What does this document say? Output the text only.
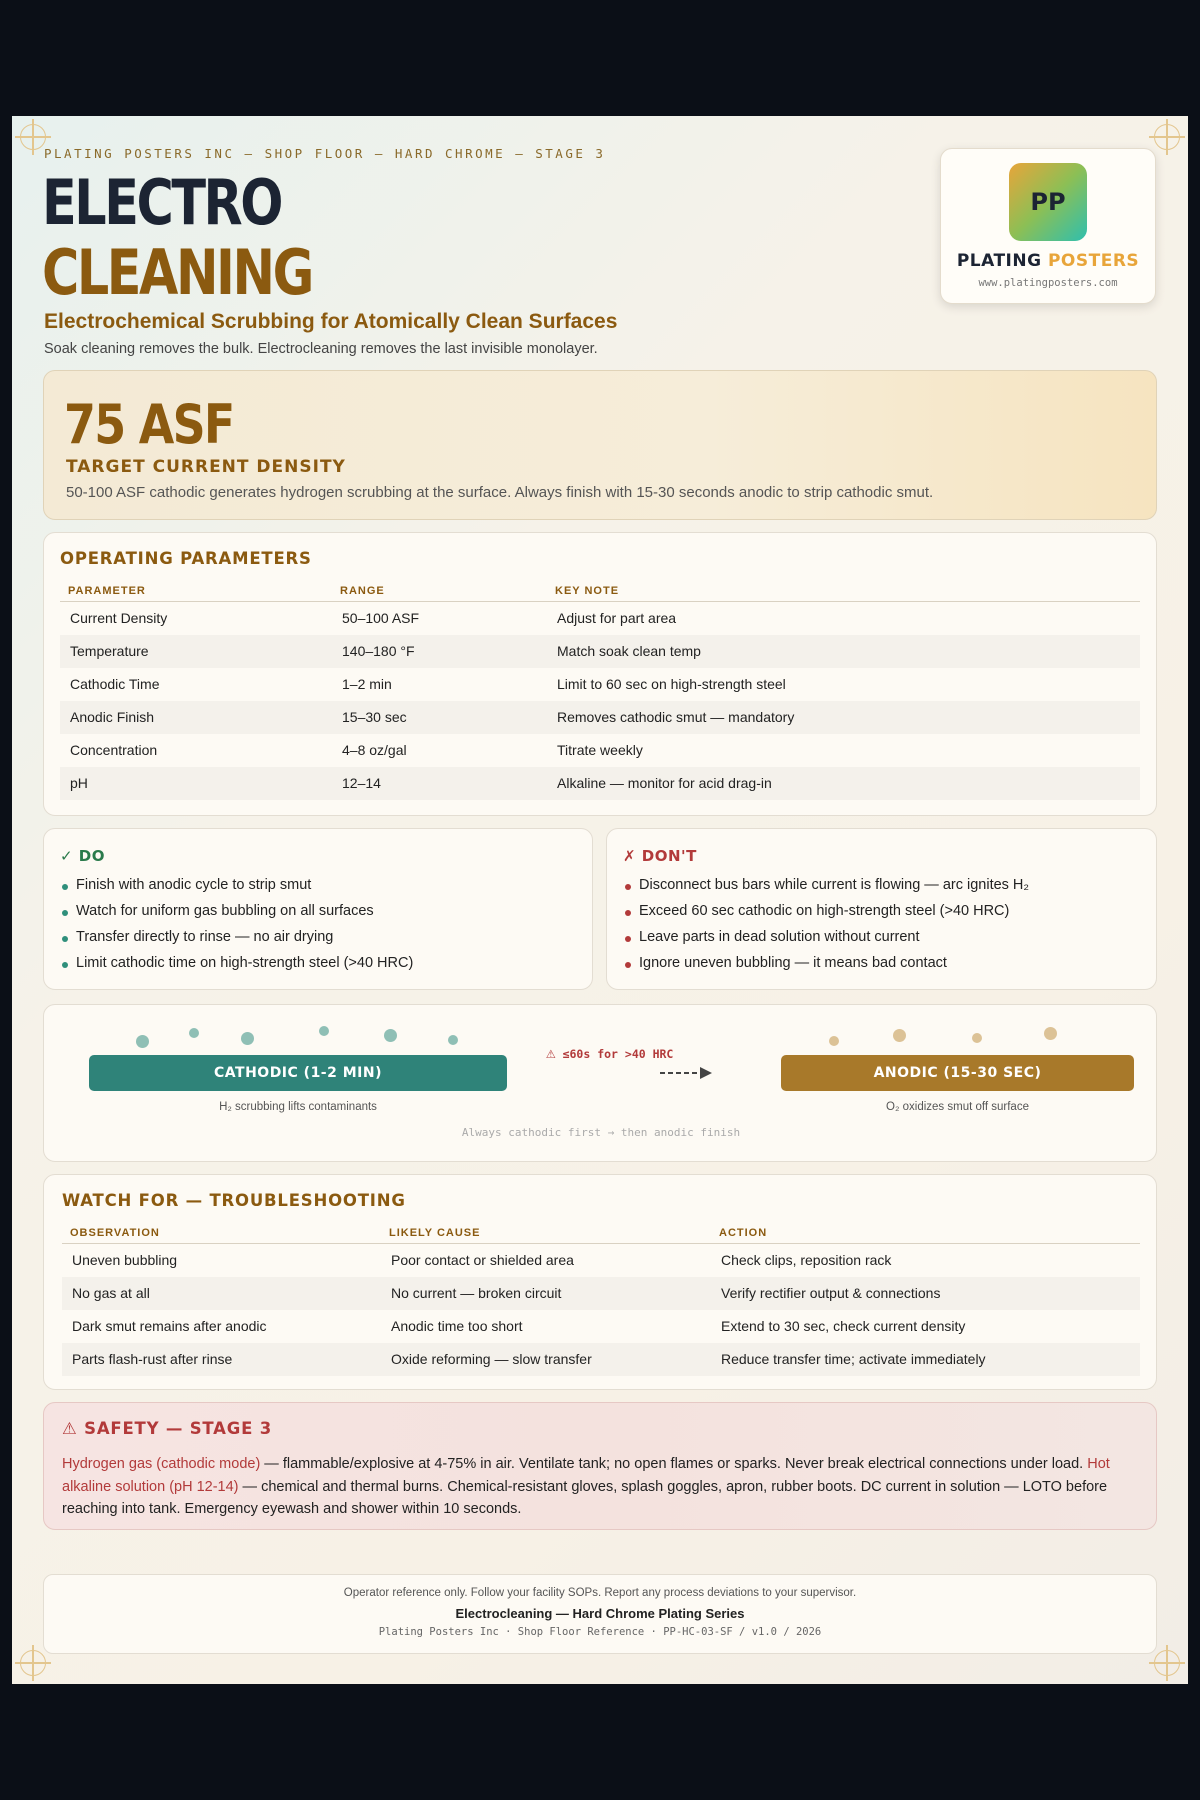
PLATING POSTERS INC — SHOP FLOOR — HARD CHROME — STAGE 3
ELECTRO
CLEANING
Electrochemical Scrubbing for Atomically Clean Surfaces
Soak cleaning removes the bulk. Electrocleaning removes the last invisible monolayer.
PP
PLATING POSTERS
www.platingposters.com
75 ASF
TARGET CURRENT DENSITY
50-100 ASF cathodic generates hydrogen scrubbing at the surface. Always finish with 15-30 seconds anodic to strip cathodic smut.
OPERATING PARAMETERS
PARAMETER	RANGE	KEY NOTE
Current Density	50–100 ASF	Adjust for part area
Temperature	140–180 °F	Match soak clean temp
Cathodic Time	1–2 min	Limit to 60 sec on high-strength steel
Anodic Finish	15–30 sec	Removes cathodic smut — mandatory
Concentration	4–8 oz/gal	Titrate weekly
pH	12–14	Alkaline — monitor for acid drag-in
✓ DO
Finish with anodic cycle to strip smut
Watch for uniform gas bubbling on all surfaces
Transfer directly to rinse — no air drying
Limit cathodic time on high-strength steel (>40 HRC)
✗ DON'T
Disconnect bus bars while current is flowing — arc ignites H₂
Exceed 60 sec cathodic on high-strength steel (>40 HRC)
Leave parts in dead solution without current
Ignore uneven bubbling — it means bad contact
CATHODIC (1-2 MIN)
H₂ scrubbing lifts contaminants
⚠ ≤60s for >40 HRC
ANODIC (15-30 SEC)
O₂ oxidizes smut off surface
Always cathodic first → then anodic finish
WATCH FOR — TROUBLESHOOTING
OBSERVATION	LIKELY CAUSE	ACTION
Uneven bubbling	Poor contact or shielded area	Check clips, reposition rack
No gas at all	No current — broken circuit	Verify rectifier output & connections
Dark smut remains after anodic	Anodic time too short	Extend to 30 sec, check current density
Parts flash-rust after rinse	Oxide reforming — slow transfer	Reduce transfer time; activate immediately
⚠ SAFETY — STAGE 3
Hydrogen gas (cathodic mode) — flammable/explosive at 4-75% in air. Ventilate tank; no open flames or sparks. Never break electrical connections under load. Hot alkaline solution (pH 12-14) — chemical and thermal burns. Chemical-resistant gloves, splash goggles, apron, rubber boots. DC current in solution — LOTO before reaching into tank. Emergency eyewash and shower within 10 seconds.
Operator reference only. Follow your facility SOPs. Report any process deviations to your supervisor.
Electrocleaning — Hard Chrome Plating Series
Plating Posters Inc · Shop Floor Reference · PP-HC-03-SF / v1.0 / 2026
